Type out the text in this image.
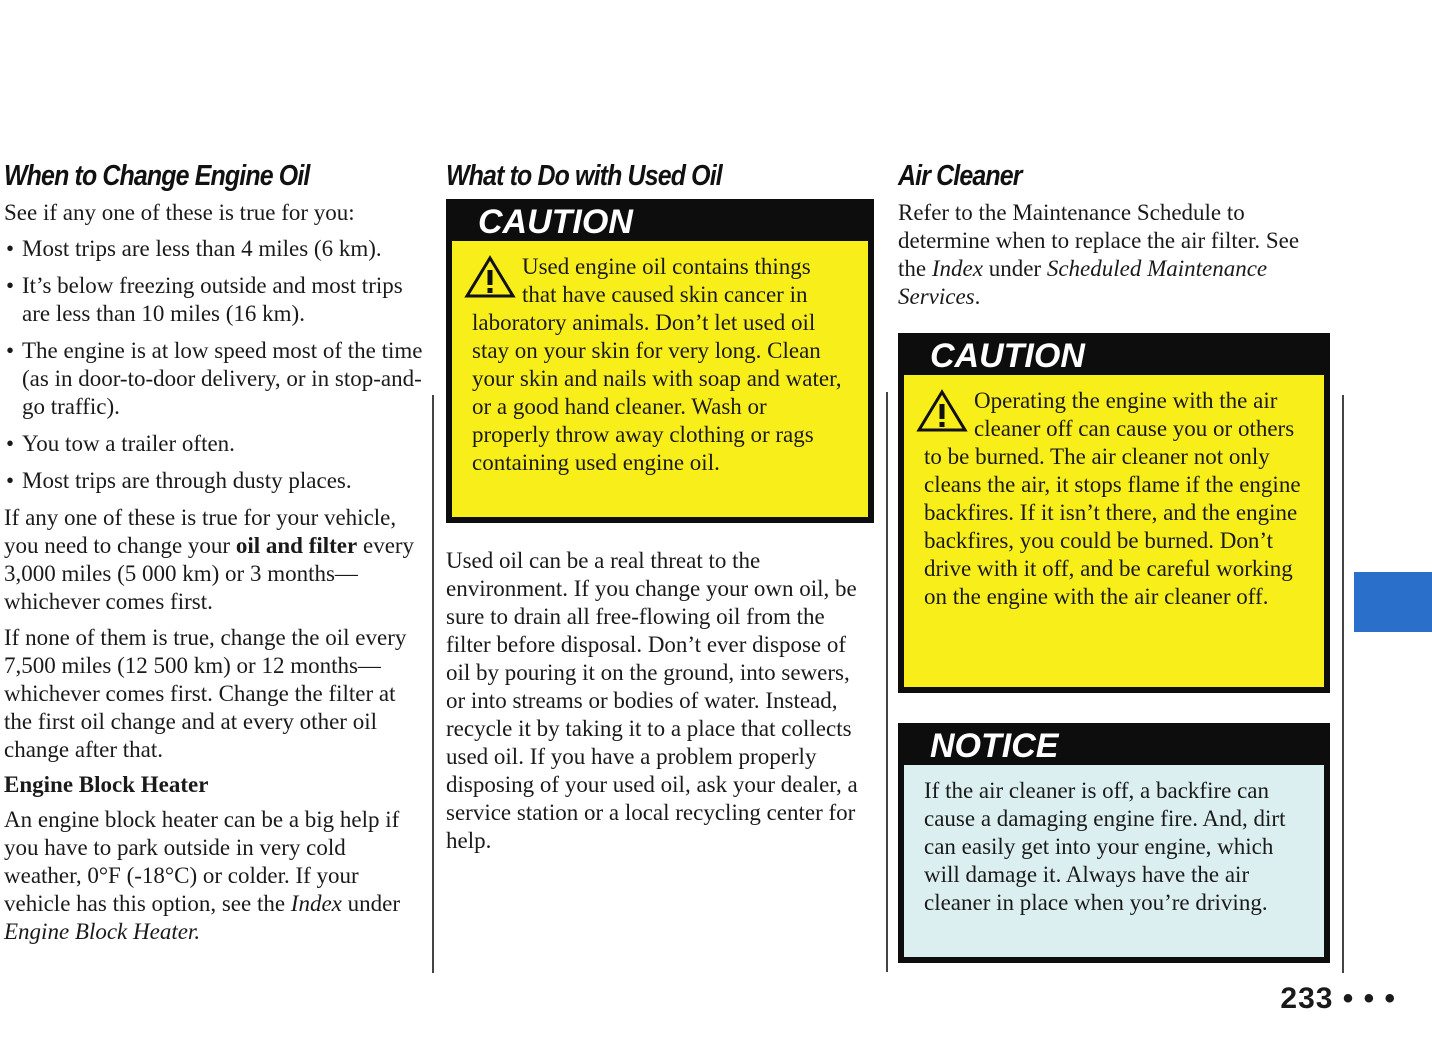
When to Change Engine Oil

See if any one of these is true for you:

• Most trips are less than 4 miles (6 km).
• It’s below freezing outside and most trips are less than 10 miles (16 km).
• The engine is at low speed most of the time (as in door-to-door delivery, or in stop-and-go traffic).
• You tow a trailer often.
• Most trips are through dusty places.

If any one of these is true for your vehicle, you need to change your oil and filter every 3,000 miles (5 000 km) or 3 months—whichever comes first.

If none of them is true, change the oil every 7,500 miles (12 500 km) or 12 months—whichever comes first. Change the filter at the first oil change and at every other oil change after that.

Engine Block Heater

An engine block heater can be a big help if you have to park outside in very cold weather, 0°F (-18°C) or colder. If your vehicle has this option, see the Index under Engine Block Heater.

What to Do with Used Oil
CAUTION
Used engine oil contains things that have caused skin cancer in laboratory animals. Don’t let used oil stay on your skin for very long. Clean your skin and nails with soap and water, or a good hand cleaner. Wash or properly throw away clothing or rags containing used engine oil.

Used oil can be a real threat to the environment. If you change your own oil, be sure to drain all free-flowing oil from the filter before disposal. Don’t ever dispose of oil by pouring it on the ground, into sewers, or into streams or bodies of water. Instead, recycle it by taking it to a place that collects used oil. If you have a problem properly disposing of your used oil, ask your dealer, a service station or a local recycling center for help.

Air Cleaner

Refer to the Maintenance Schedule to determine when to replace the air filter. See the Index under Scheduled Maintenance Services.

CAUTION
Operating the engine with the air cleaner off can cause you or others to be burned. The air cleaner not only cleans the air, it stops flame if the engine backfires. If it isn’t there, and the engine backfires, you could be burned. Don’t drive with it off, and be careful working on the engine with the air cleaner off.
NOTICE
If the air cleaner is off, a backfire can cause a damaging engine fire. And, dirt can easily get into your engine, which will damage it. Always have the air cleaner in place when you’re driving.
233 • • •
